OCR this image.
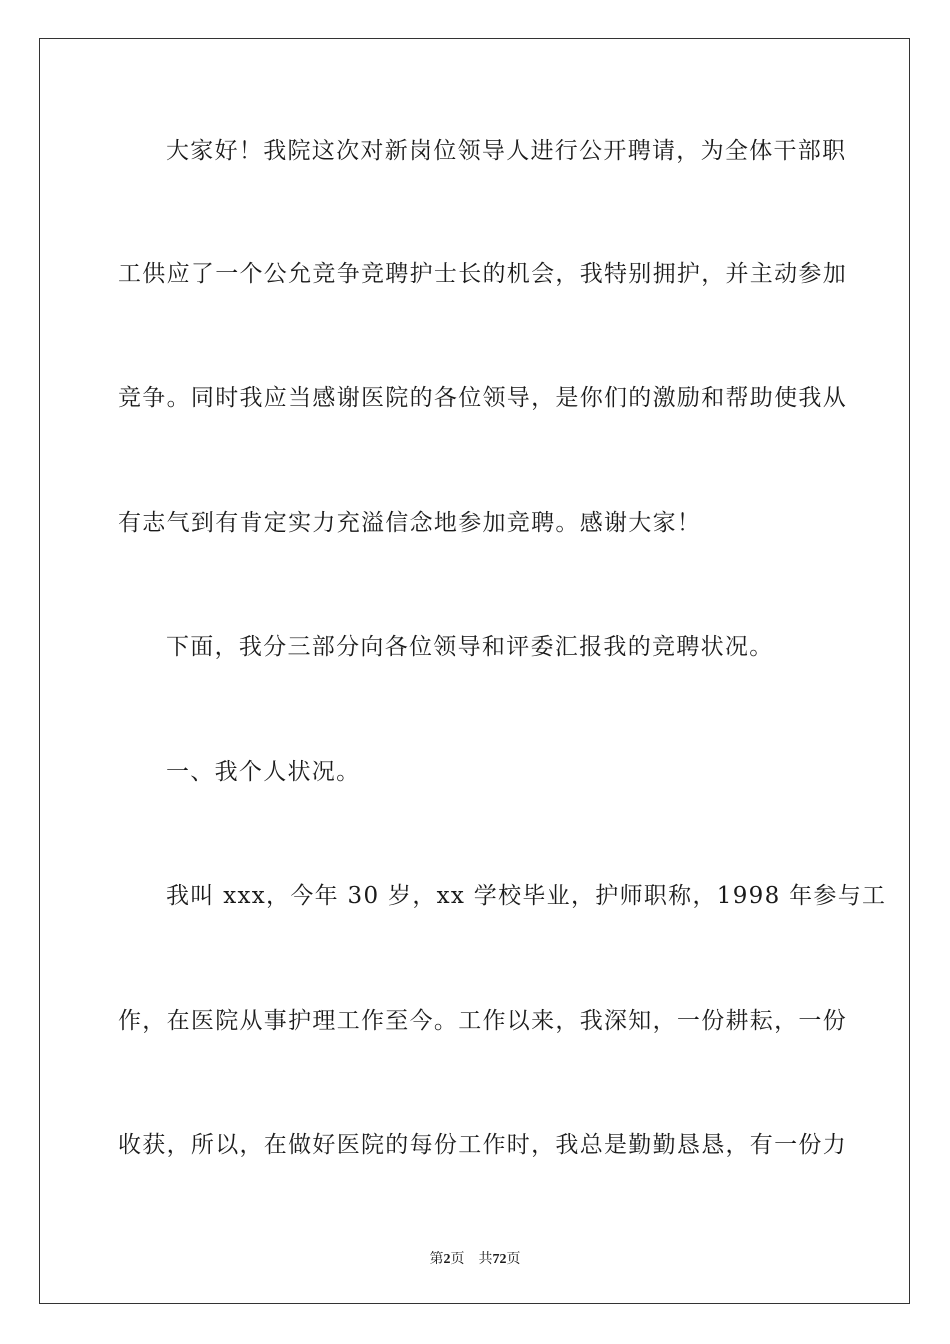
大家好！我院这次对新岗位领导人进行公开聘请，为全体干部职

工供应了一个公允竞争竞聘护士长的机会，我特别拥护，并主动参加

竞争。同时我应当感谢医院的各位领导，是你们的激励和帮助使我从

有志气到有肯定实力充溢信念地参加竞聘。感谢大家！

下面，我分三部分向各位领导和评委汇报我的竞聘状况。

一、我个人状况。

我叫 xxx，今年 30 岁，xx 学校毕业，护师职称，1998 年参与工

作，在医院从事护理工作至今。工作以来，我深知，一份耕耘，一份

收获，所以，在做好医院的每份工作时，我总是勤勤恳恳，有一份力

第2页 共72页
